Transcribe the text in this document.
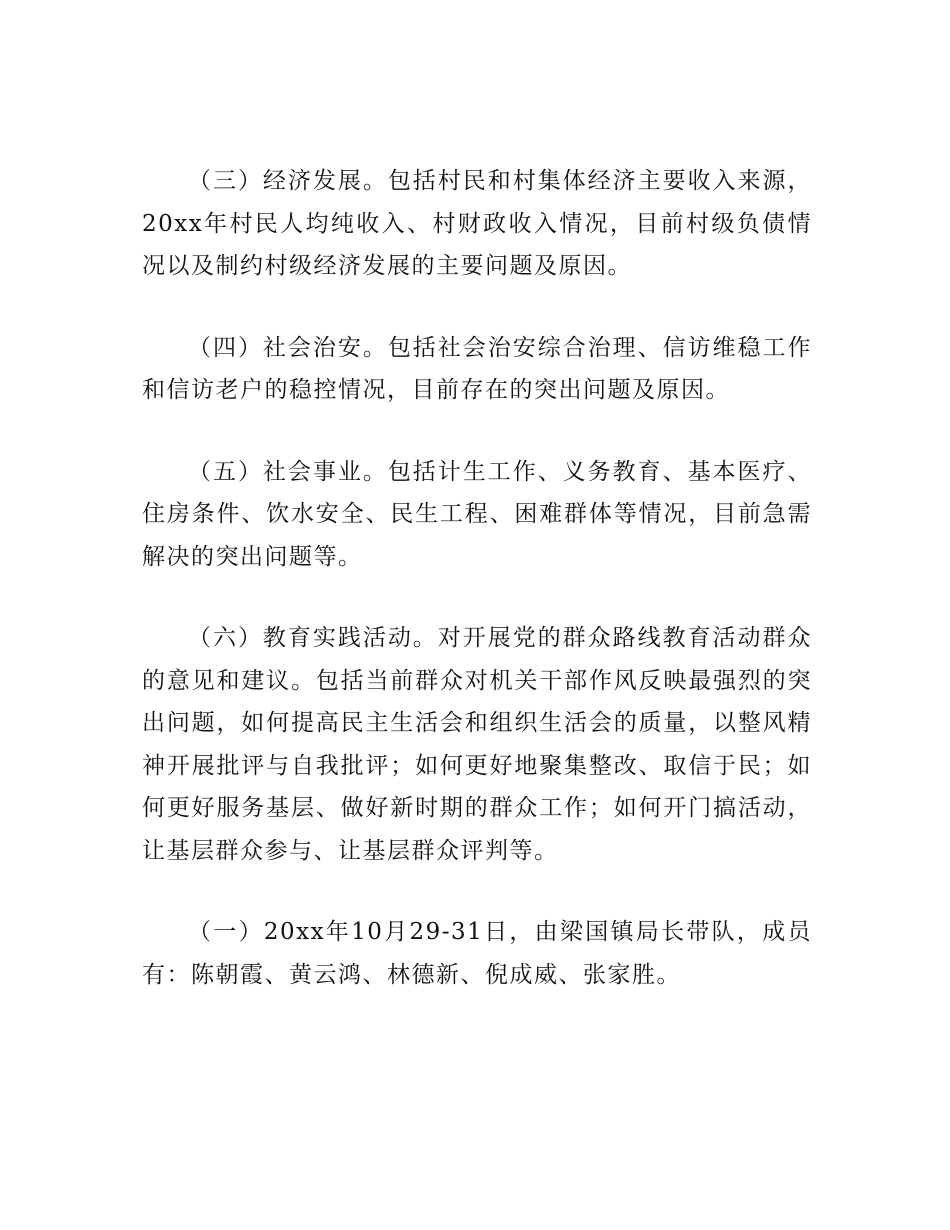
（三）经济发展。包括村民和村集体经济主要收入来源，20xx年村民人均纯收入、村财政收入情况，目前村级负债情况以及制约村级经济发展的主要问题及原因。

（四）社会治安。包括社会治安综合治理、信访维稳工作和信访老户的稳控情况，目前存在的突出问题及原因。

（五）社会事业。包括计生工作、义务教育、基本医疗、住房条件、饮水安全、民生工程、困难群体等情况，目前急需解决的突出问题等。

（六）教育实践活动。对开展党的群众路线教育活动群众的意见和建议。包括当前群众对机关干部作风反映最强烈的突出问题，如何提高民主生活会和组织生活会的质量，以整风精神开展批评与自我批评；如何更好地聚集整改、取信于民；如何更好服务基层、做好新时期的群众工作；如何开门搞活动，让基层群众参与、让基层群众评判等。

（一）20xx年10月29-31日，由梁国镇局长带队，成员有：陈朝霞、黄云鸿、林德新、倪成威、张家胜。
